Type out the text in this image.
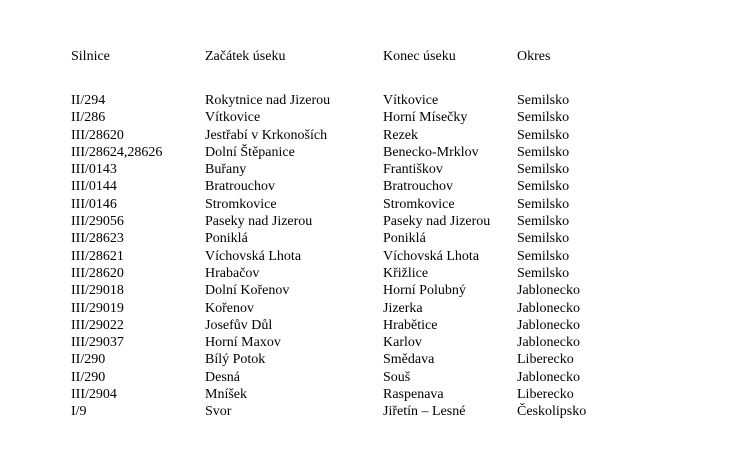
Silnice	Začátek úseku	Konec úseku	Okres

II/294	Rokytnice nad Jizerou	Vítkovice	Semilsko
II/286	Vítkovice	Horní Mísečky	Semilsko
III/28620	Jestřabí v Krkonoších	Rezek	Semilsko
III/28624,28626	Dolní Štěpanice	Benecko-Mrklov	Semilsko
III/0143	Buřany	Františkov	Semilsko
III/0144	Bratrouchov	Bratrouchov	Semilsko
III/0146	Stromkovice	Stromkovice	Semilsko
III/29056	Paseky nad Jizerou	Paseky nad Jizerou	Semilsko
III/28623	Poniklá	Poniklá	Semilsko
III/28621	Víchovská Lhota	Víchovská Lhota	Semilsko
III/28620	Hrabačov	Křižlice	Semilsko
III/29018	Dolní Kořenov	Horní Polubný	Jablonecko
III/29019	Kořenov	Jizerka	Jablonecko
III/29022	Josefův Důl	Hrabětice	Jablonecko
III/29037	Horní Maxov	Karlov	Jablonecko
II/290	Bílý Potok	Smědava	Liberecko
II/290	Desná	Souš	Jablonecko
III/2904	Mníšek	Raspenava	Liberecko
I/9	Svor	Jiřetín – Lesné	Českolipsko
